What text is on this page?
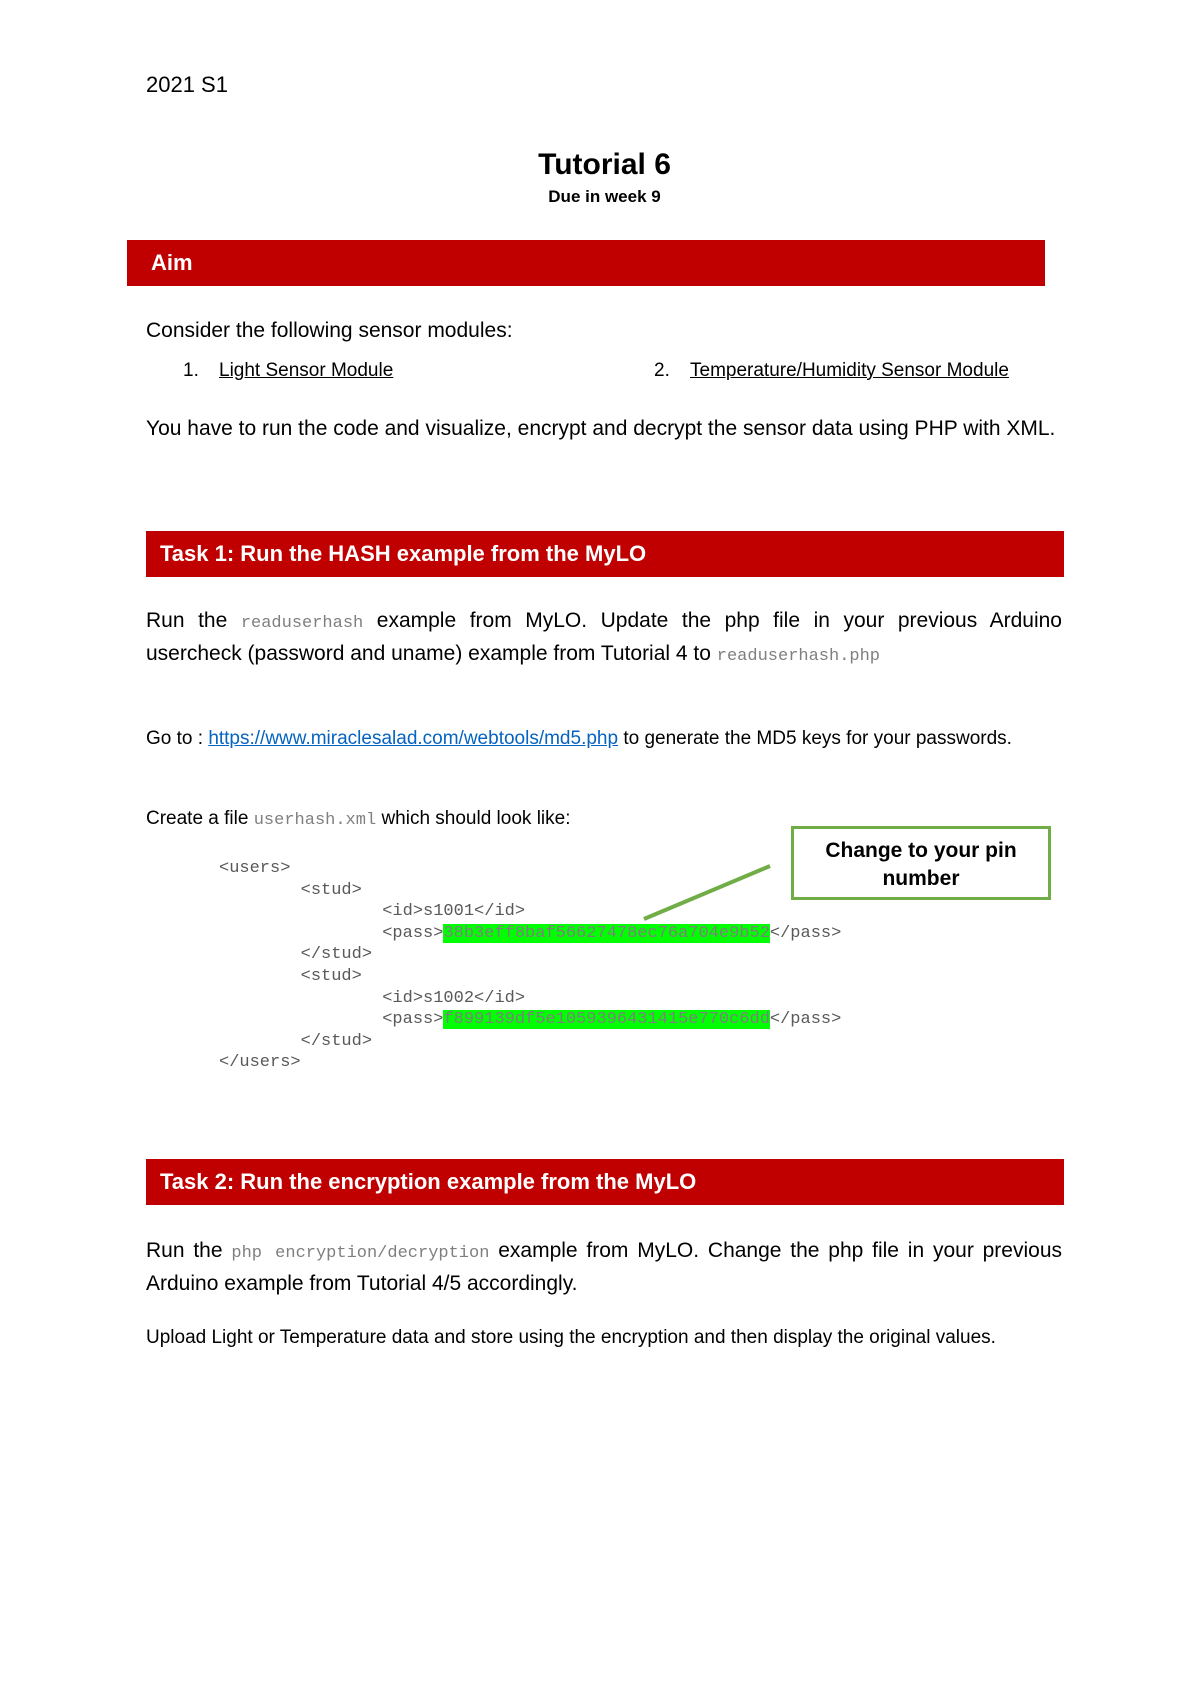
2021 S1
Tutorial 6
Due in week 9
Aim
Consider the following sensor modules:
1. Light Sensor Module	2. Temperature/Humidity Sensor Module
You have to run the code and visualize, encrypt and decrypt the sensor data using PHP with XML.
Task 1: Run the HASH example from the MyLO
Run the readuserhash example from MyLO. Update the php file in your previous Arduino usercheck (password and uname) example from Tutorial 4 to readuserhash.php
Go to : https://www.miraclesalad.com/webtools/md5.php to generate the MD5 keys for your passwords.
Create a file userhash.xml which should look like:
<users>
<stud>
<id>s1001</id>
<pass>38b3eff8baf56627478ec76a704e9b52</pass>
</stud>
<stud>
<id>s1002</id>
<pass>f899139df5e1059396431415e770c6dd</pass>
</stud>
</users>
Change to your pin number
Task 2: Run the encryption example from the MyLO
Run the php encryption/decryption example from MyLO. Change the php file in your previous Arduino example from Tutorial 4/5 accordingly.
Upload Light or Temperature data and store using the encryption and then display the original values.
